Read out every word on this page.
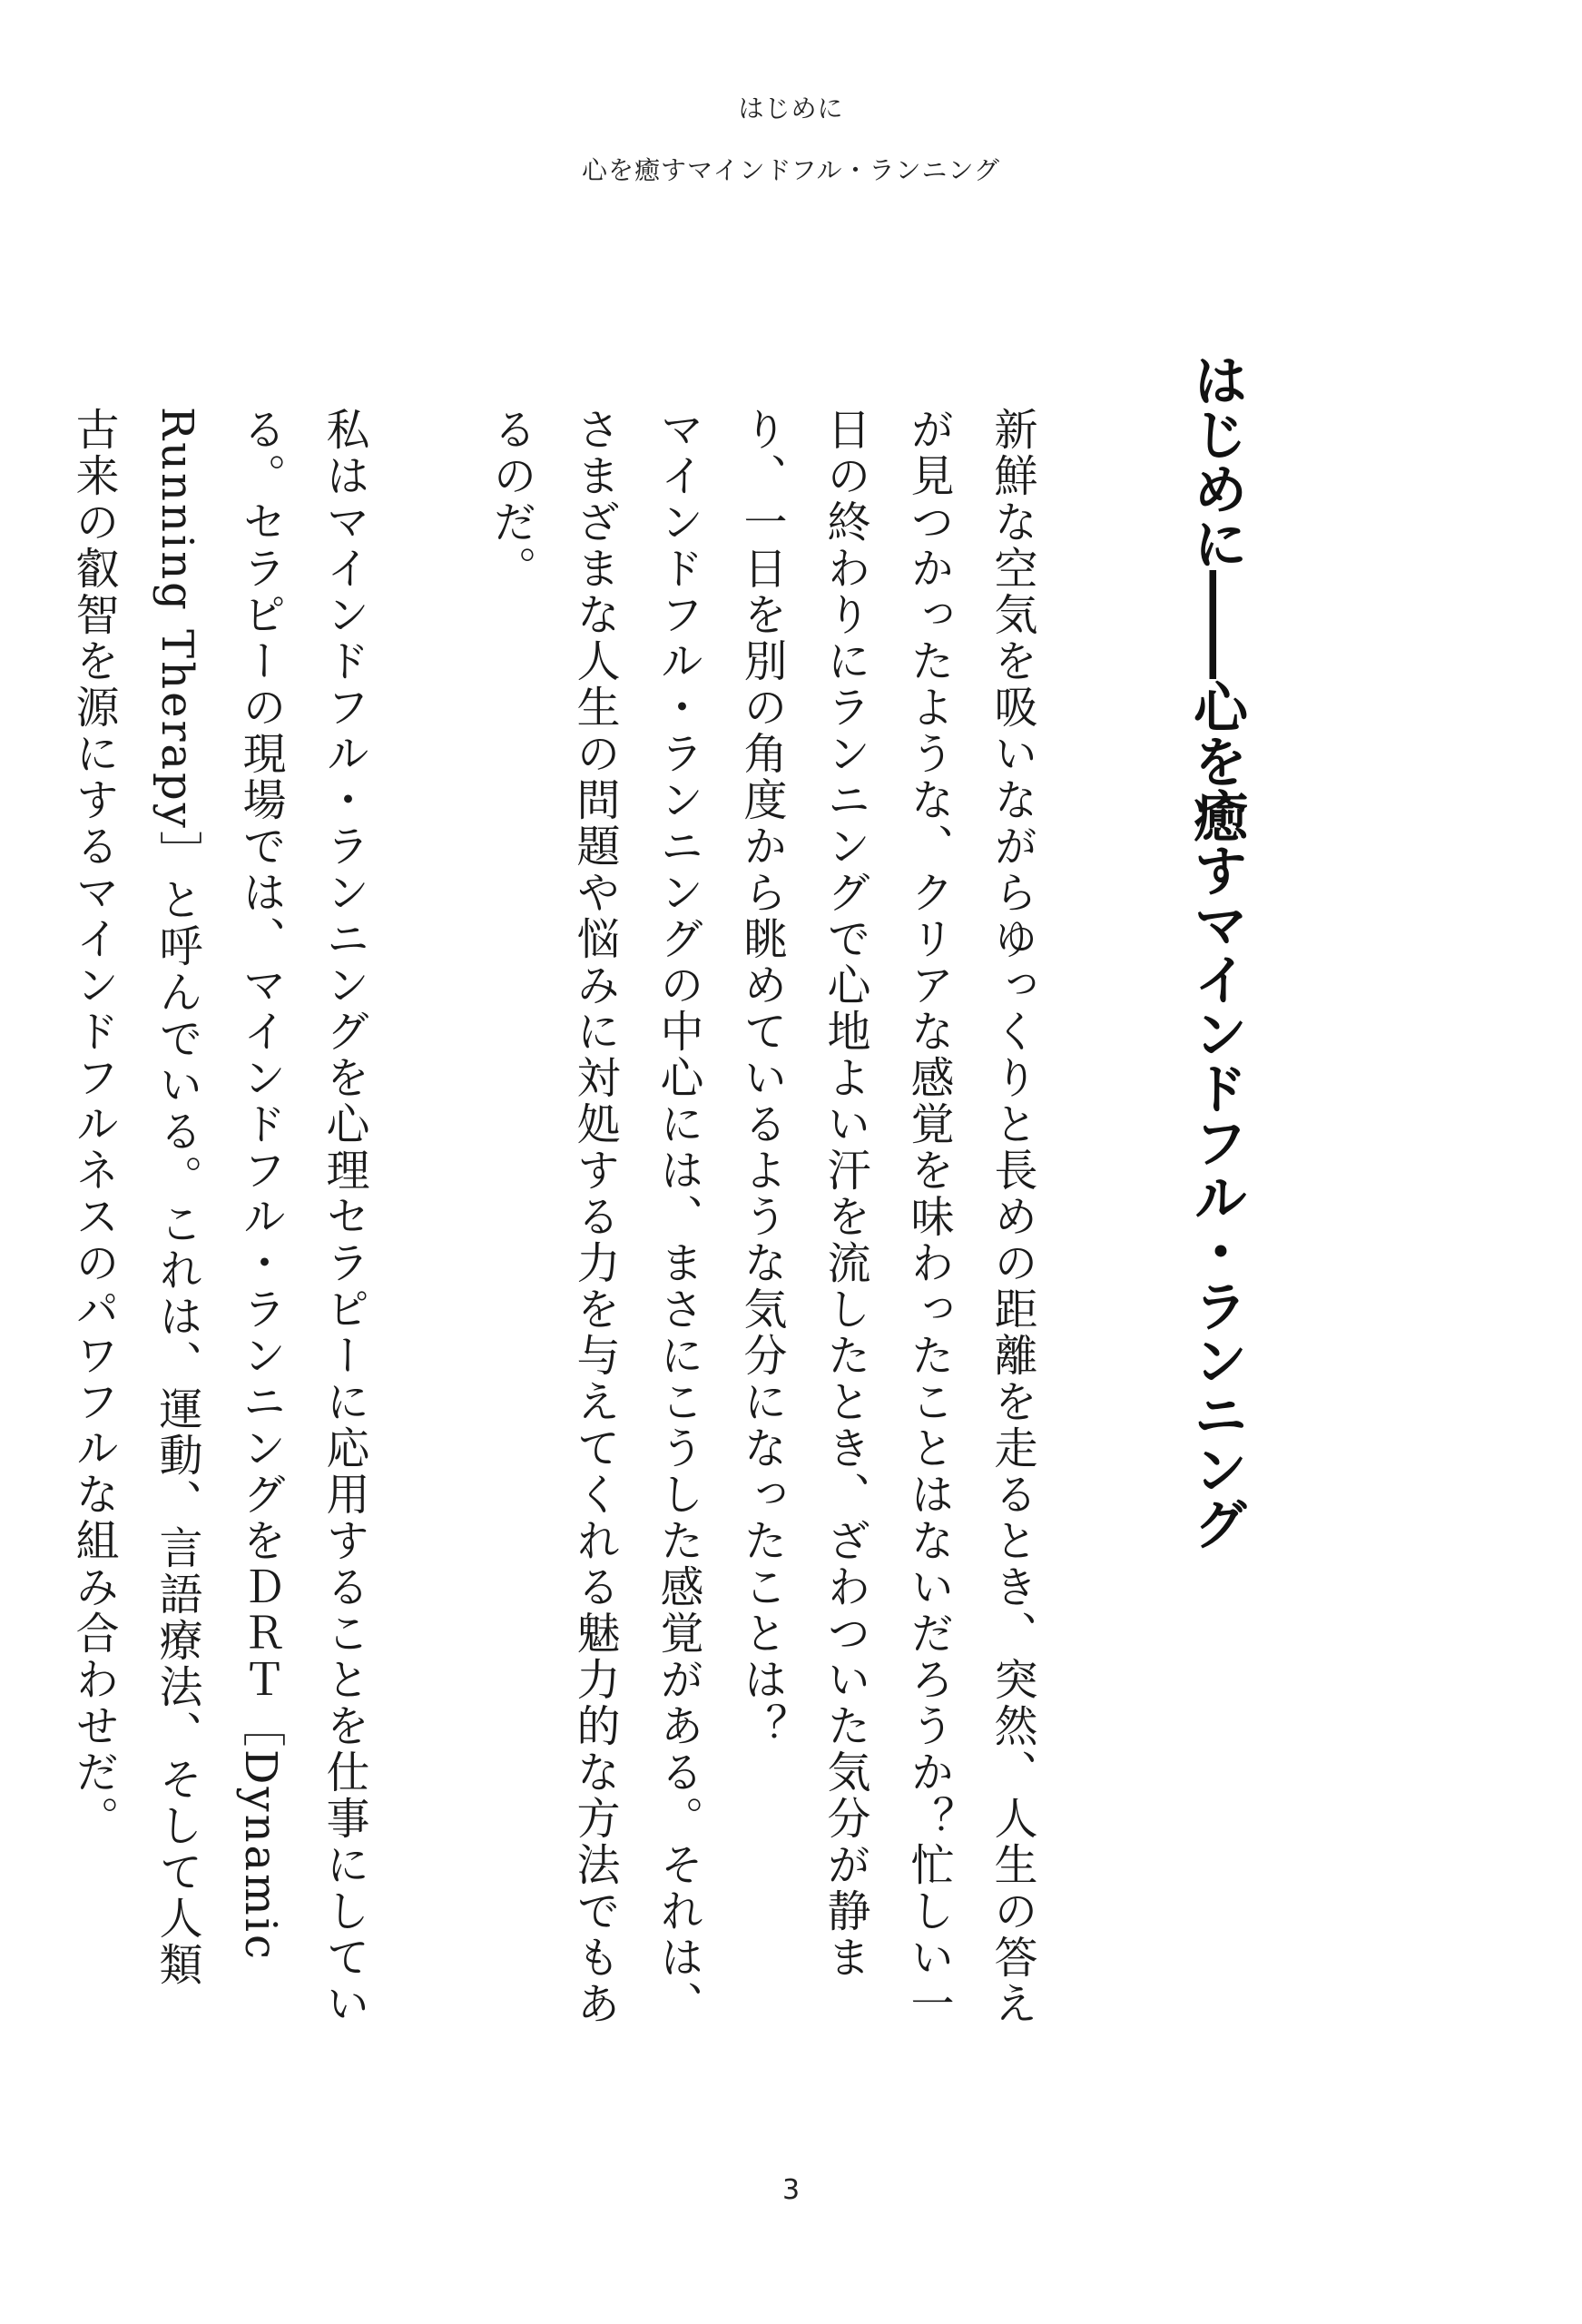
はじめに
心を癒すマインドフル・ランニング
はじめに――心を癒すマインドフル・ランニング

新鮮な空気を吸いながらゆっくりと長めの距離を走るとき、突然、人生の答えが見つかったような、クリアな感覚を味わったことはないだろうか？忙しい一日の終わりにランニングで心地よい汗を流したとき、ざわついた気分が静まり、一日を別の角度から眺めているような気分になったことは？

マインドフル・ランニングの中心には、まさにこうした感覚がある。それは、さまざまな人生の問題や悩みに対処する力を与えてくれる魅力的な方法でもあるのだ。

私はマインドフル・ランニングを心理セラピーに応用することを仕事にしている。セラピーの現場では、マインドフル・ランニングをＤＲＴ［Dynamic Running Therapy］と呼んでいる。これは、運動、言語療法、そして人類古来の叡智を源にするマインドフルネスのパワフルな組み合わせだ。

3
